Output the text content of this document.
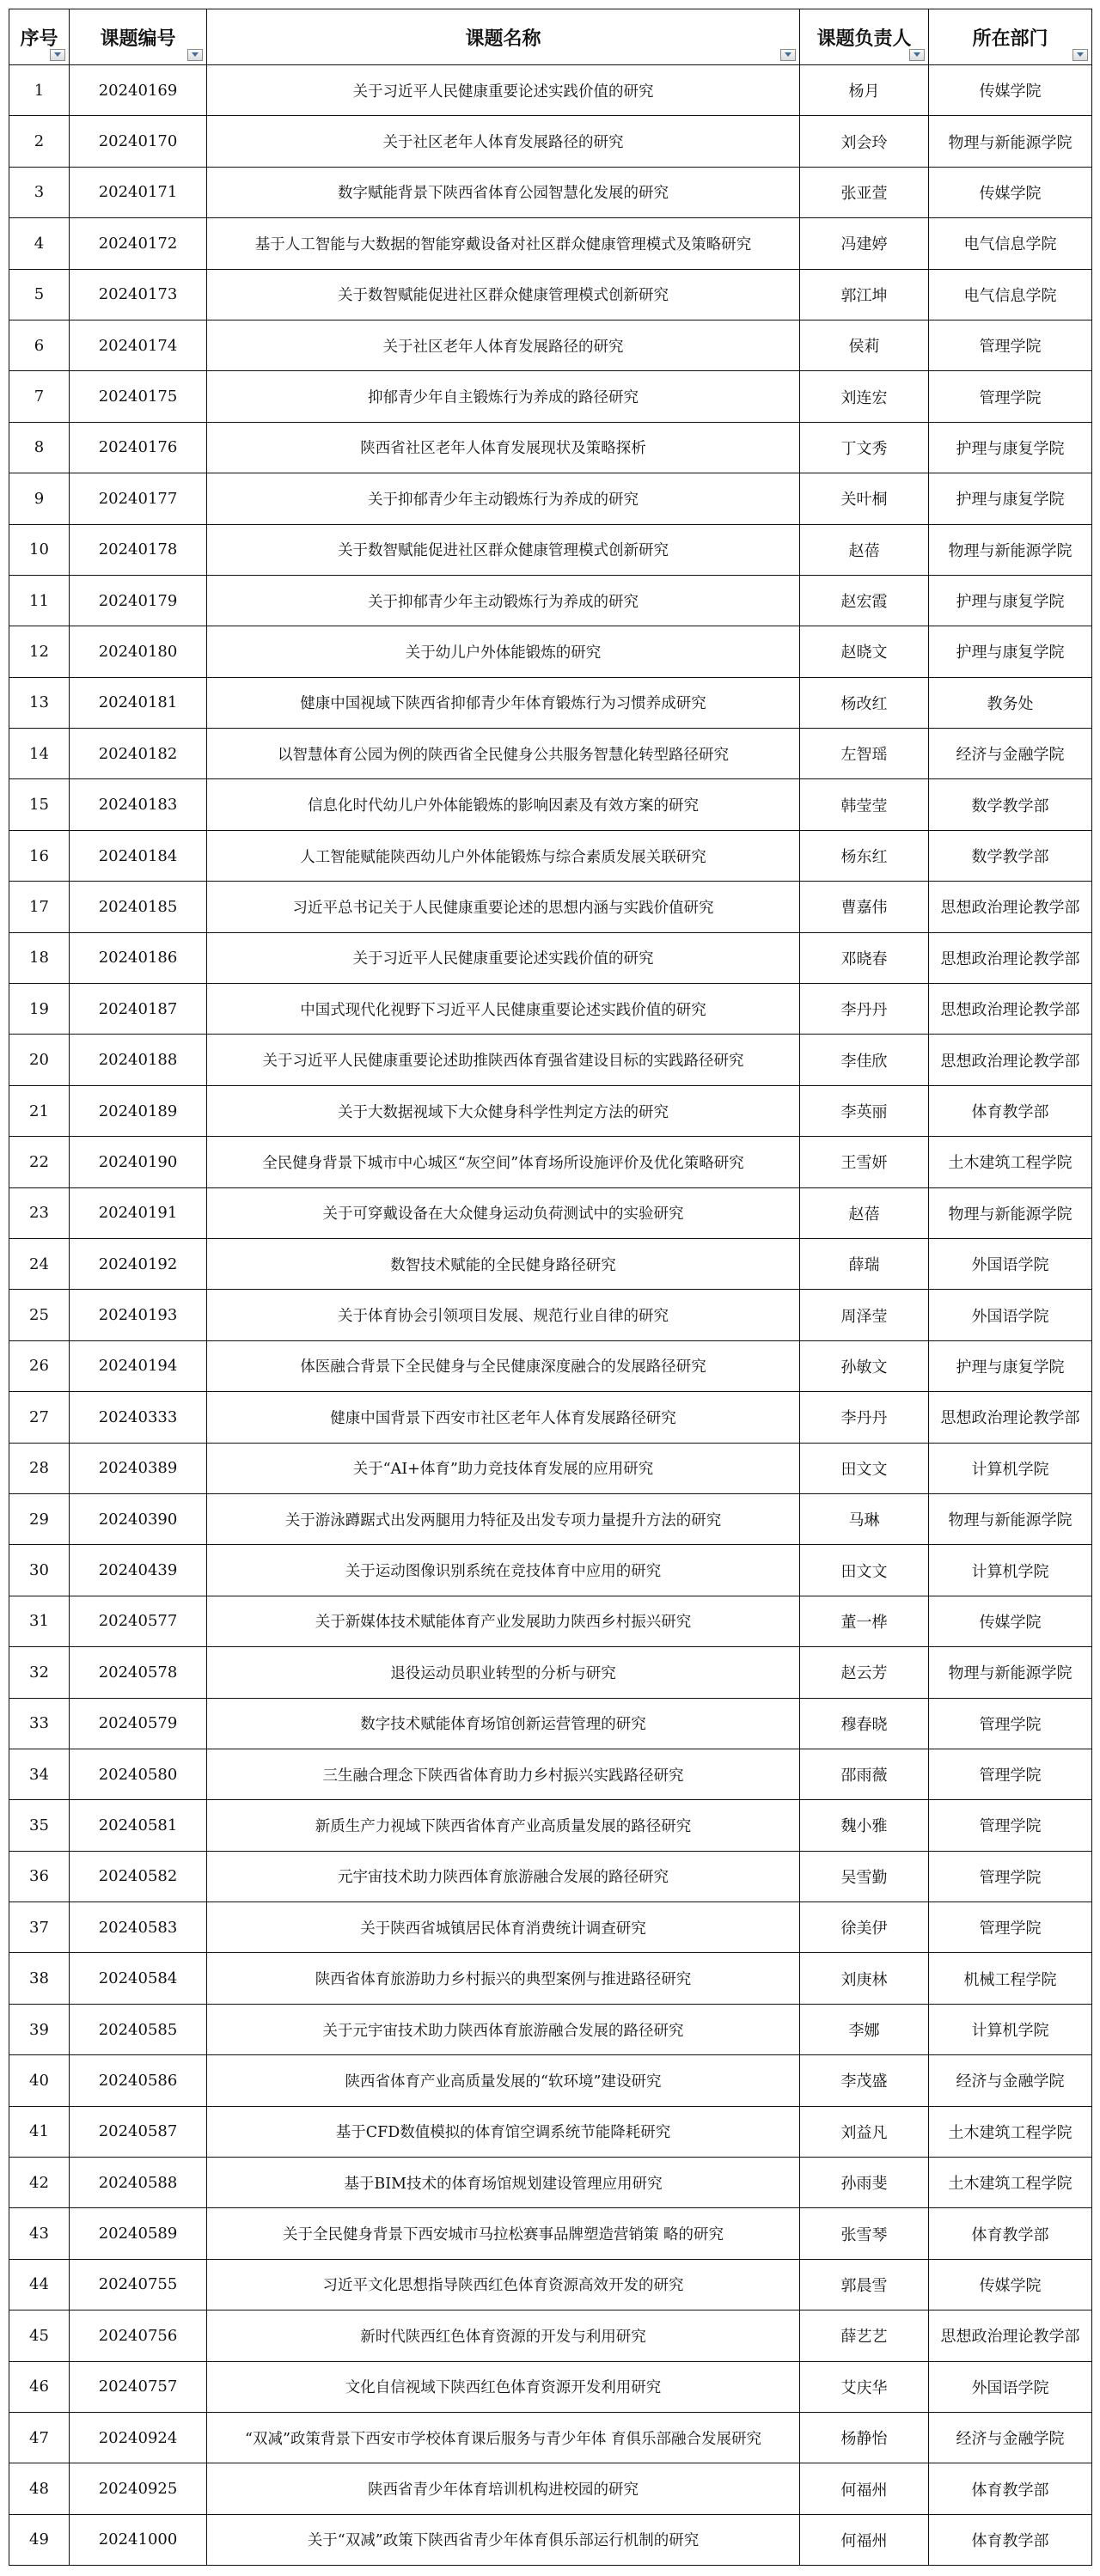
序号	课题编号	课题名称	课题负责人	所在部门

1	20240169	关于习近平人民健康重要论述实践价值的研究	杨月	传媒学院
2	20240170	关于社区老年人体育发展路径的研究	刘会玲	物理与新能源学院
3	20240171	数字赋能背景下陕西省体育公园智慧化发展的研究	张亚萱	传媒学院
4	20240172	基于人工智能与大数据的智能穿戴设备对社区群众健康管理模式及策略研究	冯建婷	电气信息学院
5	20240173	关于数智赋能促进社区群众健康管理模式创新研究	郭江坤	电气信息学院
6	20240174	关于社区老年人体育发展路径的研究	侯莉	管理学院
7	20240175	抑郁青少年自主锻炼行为养成的路径研究	刘连宏	管理学院
8	20240176	陕西省社区老年人体育发展现状及策略探析	丁文秀	护理与康复学院
9	20240177	关于抑郁青少年主动锻炼行为养成的研究	关叶桐	护理与康复学院
10	20240178	关于数智赋能促进社区群众健康管理模式创新研究	赵蓓	物理与新能源学院
11	20240179	关于抑郁青少年主动锻炼行为养成的研究	赵宏霞	护理与康复学院
12	20240180	关于幼儿户外体能锻炼的研究	赵晓文	护理与康复学院
13	20240181	健康中国视域下陕西省抑郁青少年体育锻炼行为习惯养成研究	杨改红	教务处
14	20240182	以智慧体育公园为例的陕西省全民健身公共服务智慧化转型路径研究	左智瑶	经济与金融学院
15	20240183	信息化时代幼儿户外体能锻炼的影响因素及有效方案的研究	韩莹莹	数学教学部
16	20240184	人工智能赋能陕西幼儿户外体能锻炼与综合素质发展关联研究	杨东红	数学教学部
17	20240185	习近平总书记关于人民健康重要论述的思想内涵与实践价值研究	曹嘉伟	思想政治理论教学部
18	20240186	关于习近平人民健康重要论述实践价值的研究	邓晓春	思想政治理论教学部
19	20240187	中国式现代化视野下习近平人民健康重要论述实践价值的研究	李丹丹	思想政治理论教学部
20	20240188	关于习近平人民健康重要论述助推陕西体育强省建设目标的实践路径研究	李佳欣	思想政治理论教学部
21	20240189	关于大数据视域下大众健身科学性判定方法的研究	李英丽	体育教学部
22	20240190	全民健身背景下城市中心城区“灰空间”体育场所设施评价及优化策略研究	王雪妍	土木建筑工程学院
23	20240191	关于可穿戴设备在大众健身运动负荷测试中的实验研究	赵蓓	物理与新能源学院
24	20240192	数智技术赋能的全民健身路径研究	薛瑞	外国语学院
25	20240193	关于体育协会引领项目发展、规范行业自律的研究	周泽莹	外国语学院
26	20240194	体医融合背景下全民健身与全民健康深度融合的发展路径研究	孙敏文	护理与康复学院
27	20240333	健康中国背景下西安市社区老年人体育发展路径研究	李丹丹	思想政治理论教学部
28	20240389	关于“AI+体育”助力竞技体育发展的应用研究	田文文	计算机学院
29	20240390	关于游泳蹲踞式出发两腿用力特征及出发专项力量提升方法的研究	马琳	物理与新能源学院
30	20240439	关于运动图像识别系统在竞技体育中应用的研究	田文文	计算机学院
31	20240577	关于新媒体技术赋能体育产业发展助力陕西乡村振兴研究	董一桦	传媒学院
32	20240578	退役运动员职业转型的分析与研究	赵云芳	物理与新能源学院
33	20240579	数字技术赋能体育场馆创新运营管理的研究	穆春晓	管理学院
34	20240580	三生融合理念下陕西省体育助力乡村振兴实践路径研究	邵雨薇	管理学院
35	20240581	新质生产力视域下陕西省体育产业高质量发展的路径研究	魏小雅	管理学院
36	20240582	元宇宙技术助力陕西体育旅游融合发展的路径研究	吴雪勤	管理学院
37	20240583	关于陕西省城镇居民体育消费统计调查研究	徐美伊	管理学院
38	20240584	陕西省体育旅游助力乡村振兴的典型案例与推进路径研究	刘庚林	机械工程学院
39	20240585	关于元宇宙技术助力陕西体育旅游融合发展的路径研究	李娜	计算机学院
40	20240586	陕西省体育产业高质量发展的“软环境”建设研究	李茂盛	经济与金融学院
41	20240587	基于CFD数值模拟的体育馆空调系统节能降耗研究	刘益凡	土木建筑工程学院
42	20240588	基于BIM技术的体育场馆规划建设管理应用研究	孙雨斐	土木建筑工程学院
43	20240589	关于全民健身背景下西安城市马拉松赛事品牌塑造营销策 略的研究	张雪琴	体育教学部
44	20240755	习近平文化思想指导陕西红色体育资源高效开发的研究	郭晨雪	传媒学院
45	20240756	新时代陕西红色体育资源的开发与利用研究	薛艺艺	思想政治理论教学部
46	20240757	文化自信视域下陕西红色体育资源开发利用研究	艾庆华	外国语学院
47	20240924	“双减”政策背景下西安市学校体育课后服务与青少年体 育俱乐部融合发展研究	杨静怡	经济与金融学院
48	20240925	陕西省青少年体育培训机构进校园的研究	何福州	体育教学部
49	20241000	关于“双减”政策下陕西省青少年体育俱乐部运行机制的研究	何福州	体育教学部
